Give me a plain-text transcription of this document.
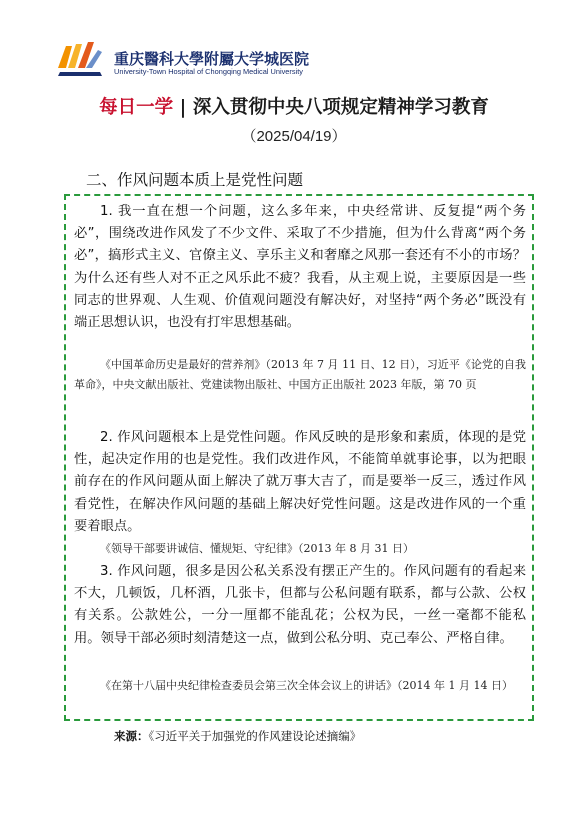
重庆醫科大學附屬大学城医院
University-Town Hospital of Chongqing Medical University
每日一学 | 深入贯彻中央八项规定精神学习教育
（2025/04/19）
二、作风问题本质上是党性问题

1. 我一直在想一个问题，这么多年来，中央经常讲、反复提“两个务必”，围绕改进作风发了不少文件、采取了不少措施，但为什么背离“两个务必”，搞形式主义、官僚主义、享乐主义和奢靡之风那一套还有不小的市场？为什么还有些人对不正之风乐此不疲？我看，从主观上说，主要原因是一些同志的世界观、人生观、价值观问题没有解决好，对坚持“两个务必”既没有端正思想认识，也没有打牢思想基础。

《中国革命历史是最好的营养剂》（2013 年 7 月 11 日、12 日），习近平《论党的自我革命》，中央文献出版社、党建读物出版社、中国方正出版社 2023 年版，第 70 页

2. 作风问题根本上是党性问题。作风反映的是形象和素质，体现的是党性，起决定作用的也是党性。我们改进作风，不能简单就事论事，以为把眼前存在的作风问题从面上解决了就万事大吉了，而是要举一反三，透过作风看党性，在解决作风问题的基础上解决好党性问题。这是改进作风的一个重要着眼点。

《领导干部要讲诚信、懂规矩、守纪律》（2013 年 8 月 31 日）

3. 作风问题，很多是因公私关系没有摆正产生的。作风问题有的看起来不大，几顿饭，几杯酒，几张卡，但都与公私问题有联系，都与公款、公权有关系。公款姓公，一分一厘都不能乱花；公权为民，一丝一毫都不能私用。领导干部必须时刻清楚这一点，做到公私分明、克己奉公、严格自律。

《在第十八届中央纪律检查委员会第三次全体会议上的讲话》（2014 年 1 月 14 日）

来源：《习近平关于加强党的作风建设论述摘编》
